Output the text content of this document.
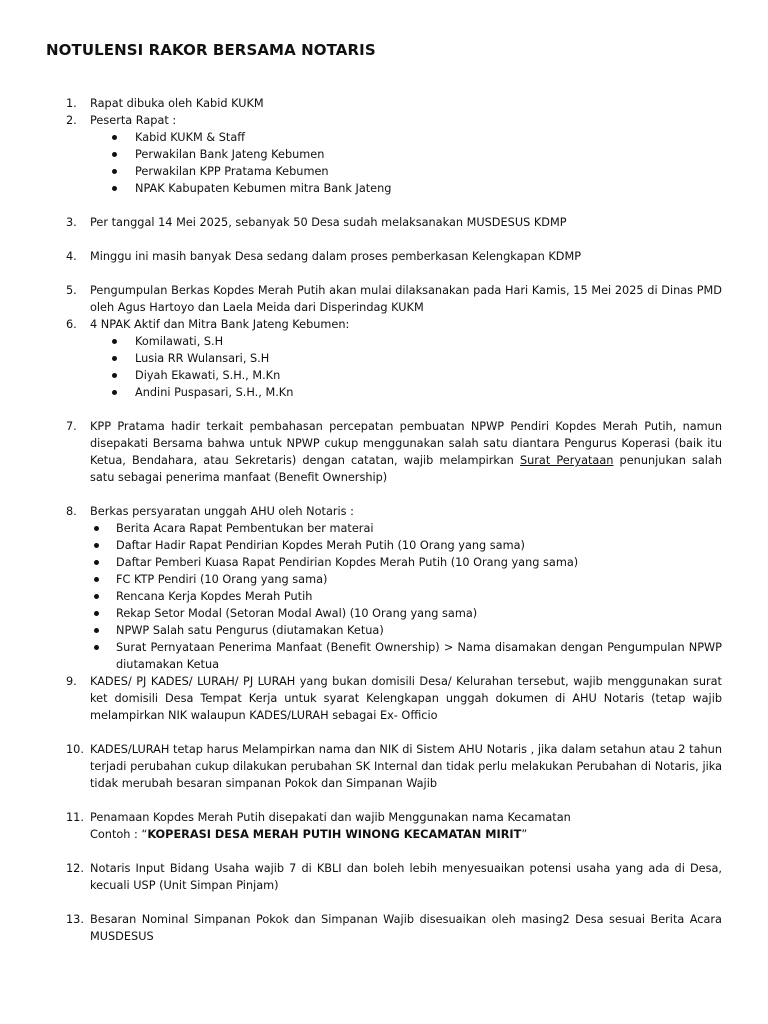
NOTULENSI RAKOR BERSAMA NOTARIS
1. Rapat dibuka oleh Kabid KUKM
2. Peserta Rapat :
Kabid KUKM & Staff
Perwakilan Bank Jateng Kebumen
Perwakilan KPP Pratama Kebumen
NPAK Kabupaten Kebumen mitra Bank Jateng
3. Per tanggal 14 Mei 2025, sebanyak 50 Desa sudah melaksanakan MUSDESUS KDMP
4. Minggu ini masih banyak Desa sedang dalam proses pemberkasan Kelengkapan KDMP
5. Pengumpulan Berkas Kopdes Merah Putih akan mulai dilaksanakan pada Hari Kamis, 15 Mei 2025 di Dinas PMD oleh Agus Hartoyo dan Laela Meida dari Disperindag KUKM
6. 4 NPAK Aktif dan Mitra Bank Jateng Kebumen:
Komilawati, S.H
Lusia RR Wulansari, S.H
Diyah Ekawati, S.H., M.Kn
Andini Puspasari, S.H., M.Kn
7. KPP Pratama hadir terkait pembahasan percepatan pembuatan NPWP Pendiri Kopdes Merah Putih, namun disepakati Bersama bahwa untuk NPWP cukup menggunakan salah satu diantara Pengurus Koperasi (baik itu Ketua, Bendahara, atau Sekretaris) dengan catatan, wajib melampirkan Surat Peryataan penunjukan salah satu sebagai penerima manfaat (Benefit Ownership)
8. Berkas persyaratan unggah AHU oleh Notaris :
Berita Acara Rapat Pembentukan ber materai
Daftar Hadir Rapat Pendirian Kopdes Merah Putih (10 Orang yang sama)
Daftar Pemberi Kuasa Rapat Pendirian Kopdes Merah Putih (10 Orang yang sama)
FC KTP Pendiri (10 Orang yang sama)
Rencana Kerja Kopdes Merah Putih
Rekap Setor Modal (Setoran Modal Awal) (10 Orang yang sama)
NPWP Salah satu Pengurus (diutamakan Ketua)
Surat Pernyataan Penerima Manfaat (Benefit Ownership) > Nama disamakan dengan Pengumpulan NPWP diutamakan Ketua
9. KADES/ PJ KADES/ LURAH/ PJ LURAH yang bukan domisili Desa/ Kelurahan tersebut, wajib menggunakan surat ket domisili Desa Tempat Kerja untuk syarat Kelengkapan unggah dokumen di AHU Notaris (tetap wajib melampirkan NIK walaupun KADES/LURAH sebagai Ex- Officio
10. KADES/LURAH tetap harus Melampirkan nama dan NIK di Sistem AHU Notaris , jika dalam setahun atau 2 tahun terjadi perubahan cukup dilakukan perubahan SK Internal dan tidak perlu melakukan Perubahan di Notaris, jika tidak merubah besaran simpanan Pokok dan Simpanan Wajib
11. Penamaan Kopdes Merah Putih disepakati dan wajib Menggunakan nama Kecamatan
Contoh : “KOPERASI DESA MERAH PUTIH WINONG KECAMATAN MIRIT”
12. Notaris Input Bidang Usaha wajib 7 di KBLI dan boleh lebih menyesuaikan potensi usaha yang ada di Desa, kecuali USP (Unit Simpan Pinjam)
13. Besaran Nominal Simpanan Pokok dan Simpanan Wajib disesuaikan oleh masing2 Desa sesuai Berita Acara MUSDESUS
